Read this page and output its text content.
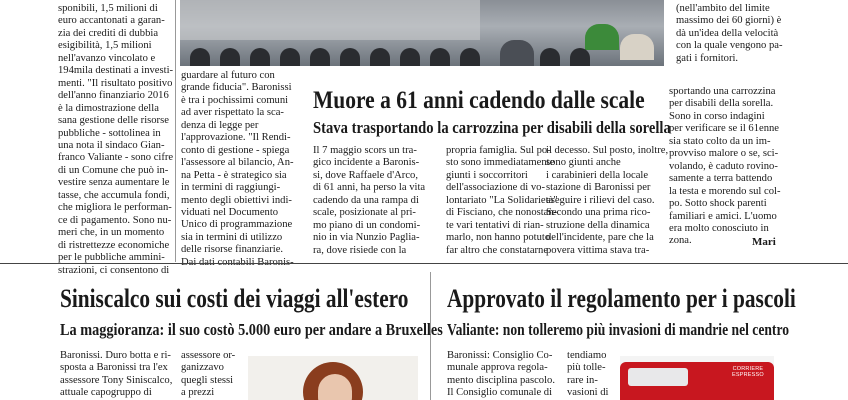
sponibili, 1,5 milioni di
euro accantonati a garan-
zia dei crediti di dubbia
esigibilità, 1,5 milioni
nell'avanzo vincolato e
194mila destinati a investi-
menti. "Il risultato positivo
dell'anno finanziario 2016
è la dimostrazione della
sana gestione delle risorse
pubbliche - sottolinea in
una nota il sindaco Gian-
franco Valiante - sono cifre
di un Comune che può in-
vestire senza aumentare le
tasse, che accumula fondi,
che migliora le performan-
ce di pagamento. Sono nu-
meri che, in un momento
di ristrettezze economiche
per le pubbliche ammini-
strazioni, ci consentono di
guardare al futuro con
grande fiducia". Baronissi
è tra i pochissimi comuni
ad aver rispettato la sca-
denza di legge per
l'approvazione. "Il Rendi-
conto di gestione - spiega
l'assessore al bilancio, An-
na Petta - è strategico sia
in termini di raggiungi-
mento degli obiettivi indi-
viduati nel Documento
Unico di programmazione
sia in termini di utilizzo
delle risorse finanziarie.
(nell'ambito del limite
massimo dei 60 giorni) è
dà un'idea della velocità
con la quale vengono pa-
gati i fornitori.
Muore a 61 anni cadendo dalle scale
Stava trasportando la carrozzina per disabili della sorella
Il 7 maggio scors un tra-
gico incidente a Baronis-
si, dove Raffaele d'Arco,
di 61 anni, ha perso la vita
cadendo da una rampa di
scale, posizionate al pri-
mo piano di un condomi-
nio in via Nunzio Paglia-
ra, dove risiede con la
propria famiglia. Sul po-
sto sono immediatamente
giunti i soccorritori
dell'associazione di vo-
lontariato "La Solidarietà"
di Fisciano, che nonostan-
te vari tentativi di rian-
marlo, non hanno potuto
far altro che constatarne
il decesso. Sul posto, inoltre,
sono giunti anche
i carabinieri della locale
stazione di Baronissi per
eseguire i rilievi del caso.
Secondo una prima rico-
struzione della dinamica
dell'incidente, pare che la
povera vittima stava tra-
sportando una carrozzina
per disabili della sorella.
Sono in corso indagini
per verificare se il 61enne
sia stato colto da un im-
provviso malore o se, sci-
volando, è caduto rovino-
samente a terra battendo
la testa e morendo sul col-
po. Sotto shock parenti
familiari e amici. L'uomo
era molto conosciuto in
zona.	Mari
Siniscalco sui costi dei viaggi all'estero
La maggioranza: il suo costò 5.000 euro per andare a Bruxelles
Baronissi. Duro botta e ri-
sposta a Baronissi tra l'ex
assessore Tony Siniscalco,
attuale capogruppo di
assessore or-
ganizzavo
quegli stessi
a prezzi
Approvato il regolamento per i pascoli
Valiante: non tolleremo più invasioni di mandrie nel centro
Baronissi: Consiglio Co-
munale approva regola-
mento disciplina pascolo.
Il Consiglio comunale di
tendiamo
più tolle-
rare in-
vasioni di
CORRIERE
ESPRESSO
